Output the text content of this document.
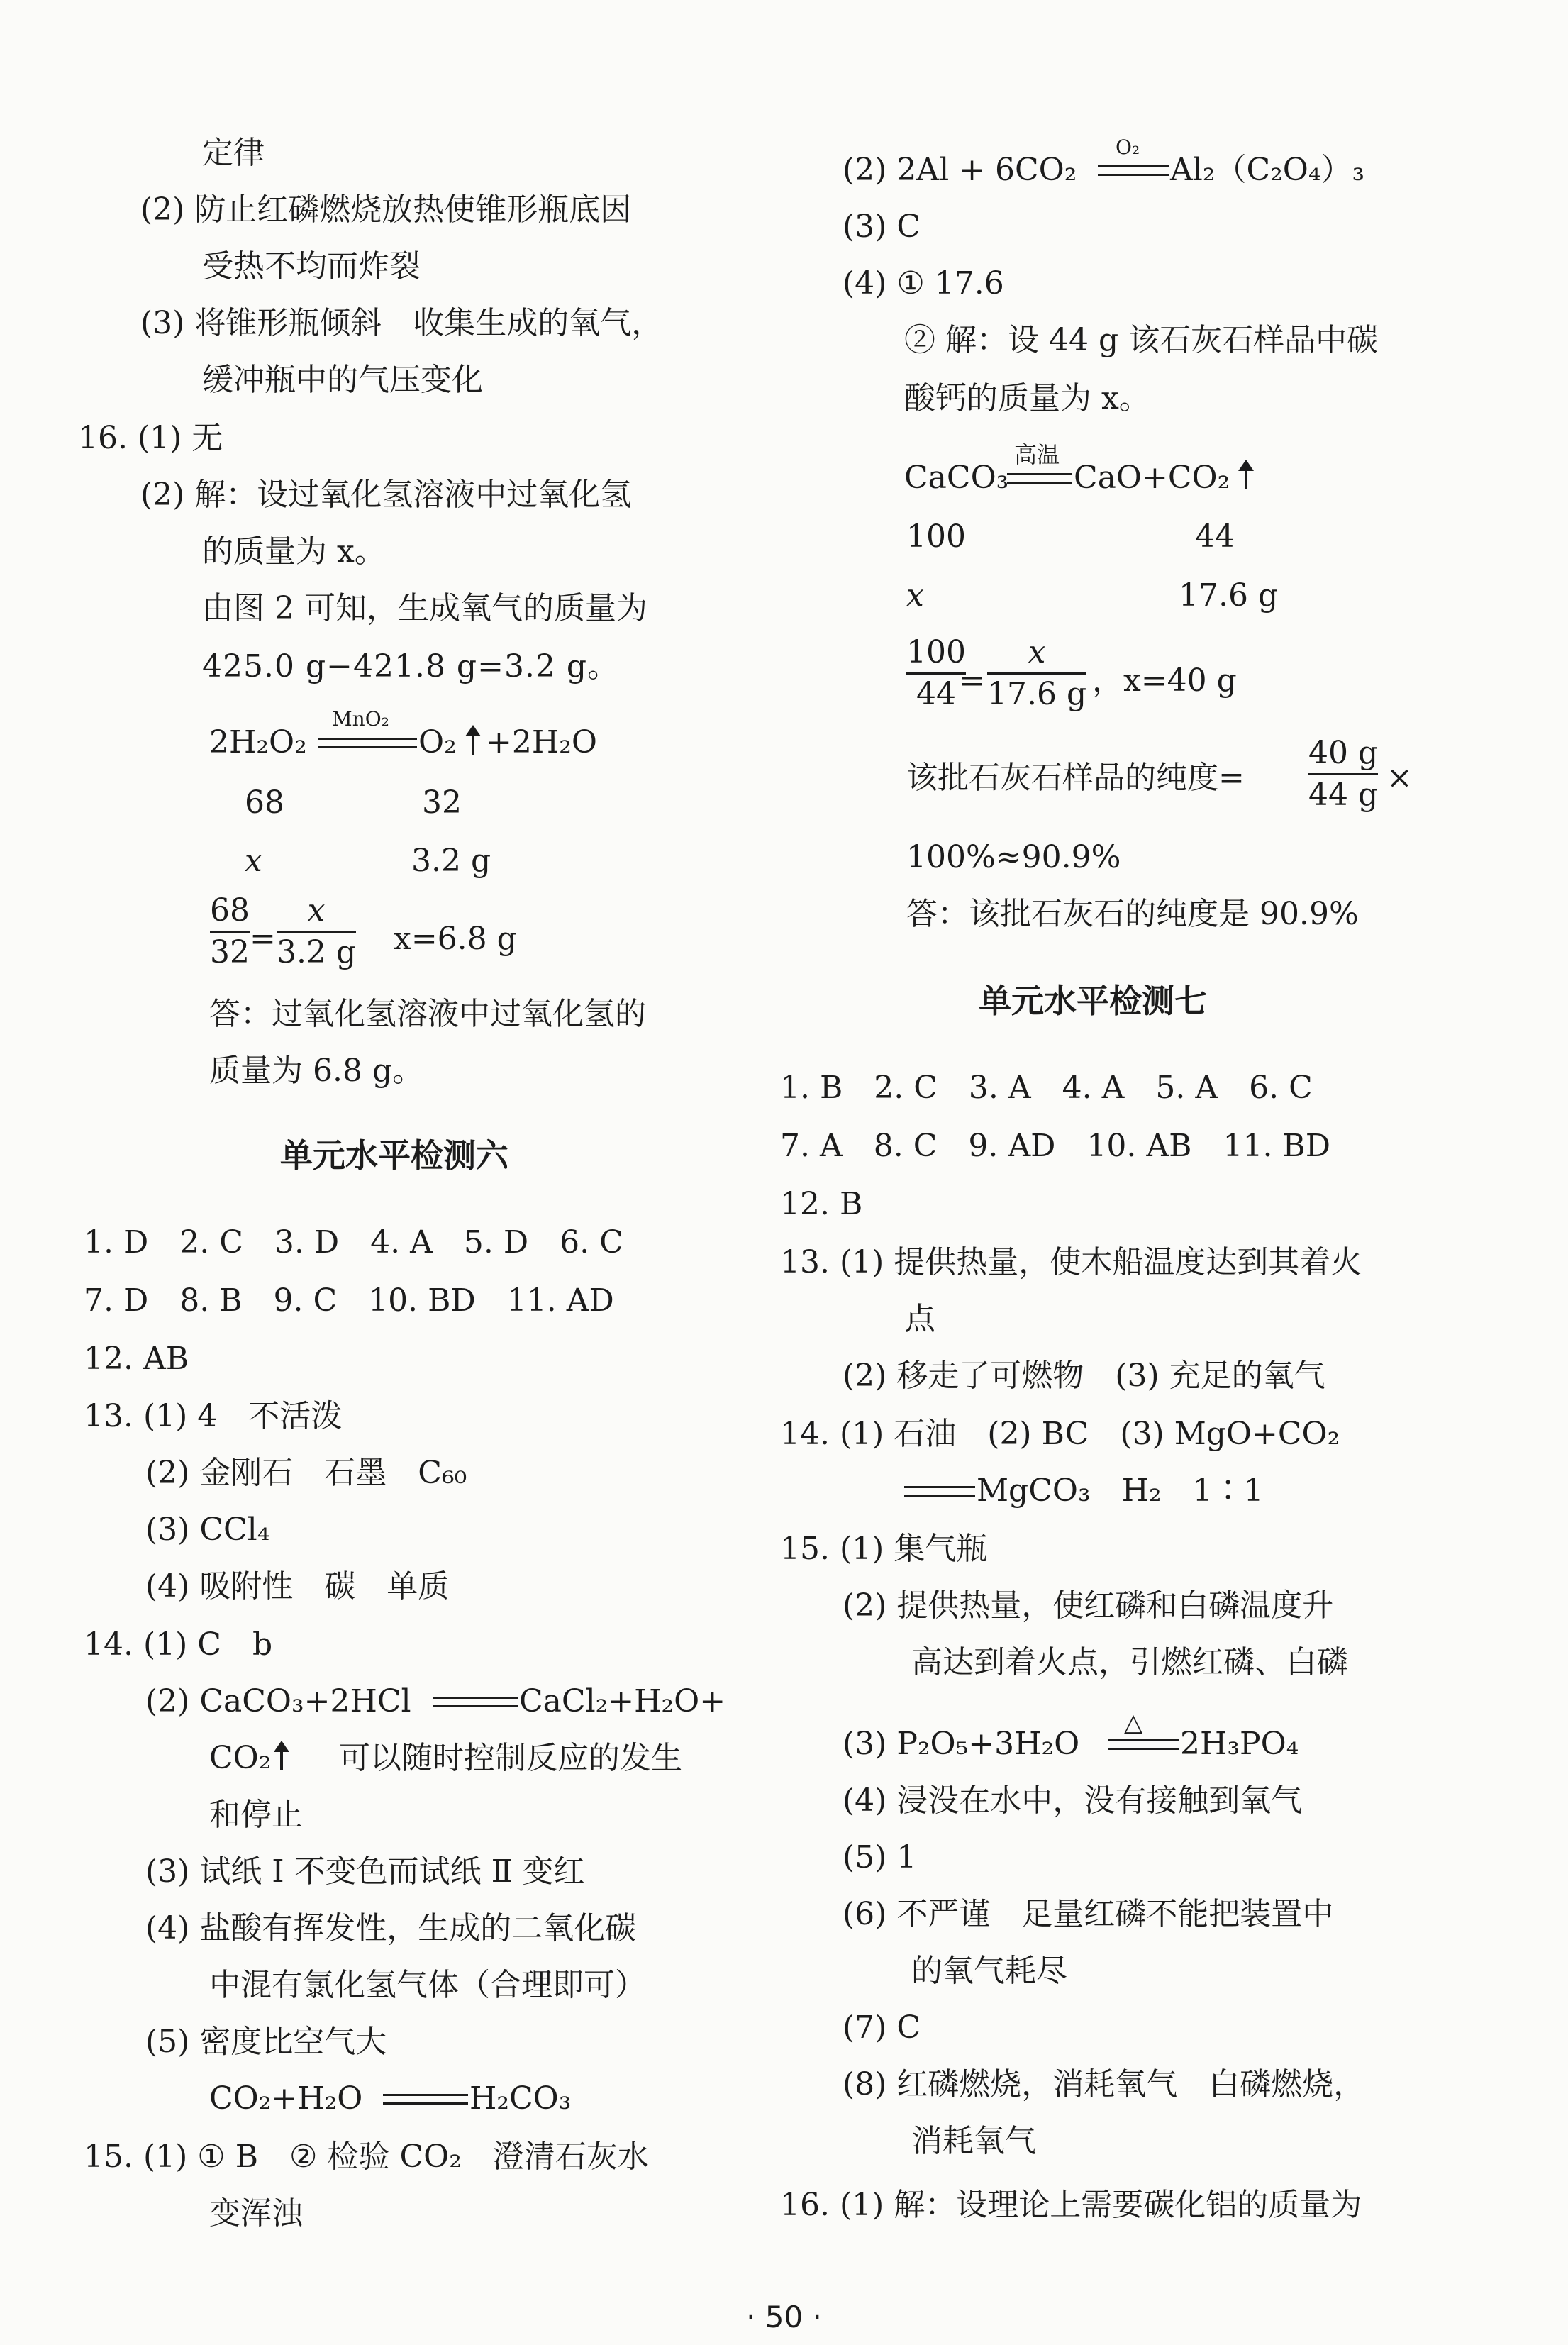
定律
(2) 防止红磷燃烧放热使锥形瓶底因
受热不均而炸裂
(3) 将锥形瓶倾斜　收集生成的氧气，
缓冲瓶中的气压变化
16. (1) 无
(2) 解：设过氧化氢溶液中过氧化氢
的质量为 x。
由图 2 可知，生成氧气的质量为
425.0 g−421.8 g=3.2 g。
2H₂O₂
MnO₂
O₂ +2H₂O
68	32
x	3.2 g
68
32 =
x
3.2 g x=6.8 g
答：过氧化氢溶液中过氧化氢的
质量为 6.8 g。
单元水平检测六
1. D　2. C　3. D　4. A　5. D　6. C
7. D　8. B　9. C　10. BD　11. AD
12. AB
13. (1) 4　不活泼
(2) 金刚石　石墨　C₆₀
(3) CCl₄
(4) 吸附性　碳　单质
14. (1) C　b
(2) CaCO₃+2HCl	CaCl₂+H₂O+
CO₂ 可以随时控制反应的发生
和停止
(3) 试纸 Ⅰ 不变色而试纸 Ⅱ 变红
(4) 盐酸有挥发性，生成的二氧化碳
中混有氯化氢气体（合理即可）
(5) 密度比空气大
CO₂+H₂O	H₂CO₃
15. (1) ① B　② 检验 CO₂　澄清石灰水
变浑浊
(2) 2Al + 6CO₂
O₂
Al₂（C₂O₄）₃
(3) C
(4) ① 17.6
② 解：设 44 g 该石灰石样品中碳
酸钙的质量为 x。
CaCO₃
高温
CaO+CO₂
100	44
x	17.6 g
100
44 =
x
17.6 g ，x=40 g
该批石灰石样品的纯度=
40 g
44 g ×
100%≈90.9%
答：该批石灰石的纯度是 90.9%
单元水平检测七
1. B　2. C　3. A　4. A　5. A　6. C
7. A　8. C　9. AD　10. AB　11. BD
12. B
13. (1) 提供热量，使木船温度达到其着火
点
(2) 移走了可燃物　(3) 充足的氧气
14. (1) 石油　(2) BC　(3) MgO+CO₂
MgCO₃　H₂　1∶1
15. (1) 集气瓶
(2) 提供热量，使红磷和白磷温度升
高达到着火点，引燃红磷、白磷
(3) P₂O₅+3H₂O
△
2H₃PO₄
(4) 浸没在水中，没有接触到氧气
(5) 1
(6) 不严谨　足量红磷不能把装置中
的氧气耗尽
(7) C
(8) 红磷燃烧，消耗氧气　白磷燃烧，
消耗氧气
16. (1) 解：设理论上需要碳化铝的质量为
· 50 ·
